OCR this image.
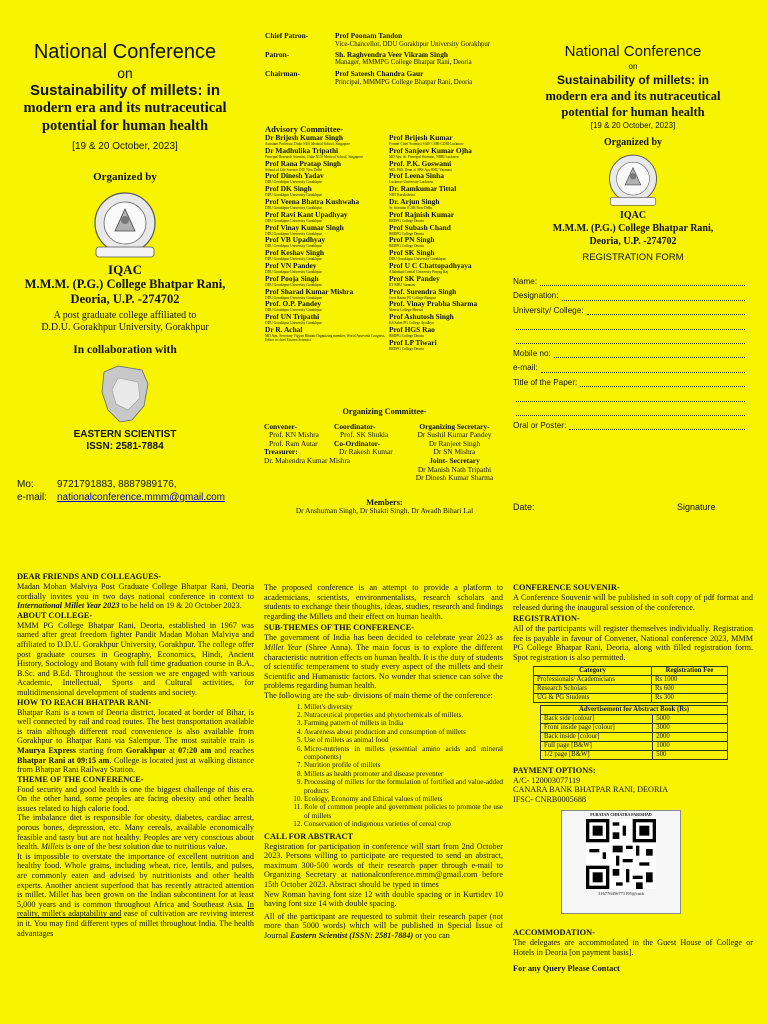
National Conference
on
Sustainability of millets: in
modern era and its nutraceutical
potential for human health
[19 & 20 October, 2023]
Organized by
IQAC
M.M.M. (P.G.) College Bhatpar Rani,
Deoria, U.P. -274702
A post graduate college affiliated to
D.D.U. Gorakhpur University, Gorakhpur
In collaboration with
EASTERN SCIENTIST
ISSN: 2581-7884
Mo: 9721791883, 8887989176,
e-mail: nationalconference.mmm@gmail.com
Chief Patron-	Prof Poonam Tandon
Vice-Chancellor, DDU Gorakhpur University Gorakhpur
Patron-	Sh. Raghvendra Veer Vikram Singh
Manager, MMMPG College Bhatpar Rani, Deoria
Chairman-	Prof Sateesh Chandra Gaur
Principal, MMMPG College Bhatpar Rani, Deoria
Advisory Committee-
Dr Brijesh Kumar Singh
Assistant Professor, Duke NUS Medical School, Singapore
Dr Madhulika Tripathi
Principal Research Scientist, Duke NUS Medical School, Singapore
Prof Rana Pratap Singh
School of Life Science JNU New Delhi
Prof Dinesh Yadav
DDU Gorakhpur University Gorakhpur
Prof DK Singh
DDU Gorakhpur University Gorakhpur
Prof Veena Bhatra Kushwaha
DDU Gorakhpur University Gorakhpur
Prof Ravi Kant Upadhyay
DDU Gorakhpur University Gorakhpur
Prof Vinay Kumar Singh
DDU Gorakhpur University Gorakhpur
Prof VB Upadhyay
DDU Gorakhpur University Gorakhpur
Prof Keshav Singh
DDU Gorakhpur University Gorakhpur
Prof VN Pandey
DDU Gorakhpur University Gorakhpur
Prof Pooja Singh
DDU Gorakhpur University Gorakhpur
Prof Sharad Kumar Mishra
DDU Gorakhpur University Gorakhpur
Prof. O.P. Pandey
DDU Gorakhpur University Gorakhpur
Prof UN Tripathi
DDU Gorakhpur University Gorakhpur
Dr R. Achal
MD Ayu, Secretary Vigyan Bharati Organizing member, World Ayurveda Congress, Editor in chief Eastern Scientist
Prof Brijesh Kumar
Former Chief Scientist SAIF CSIR-CDRI Lucknow
Prof Sanjeev Kumar Ojha
MD Ayu, Sr. Principal Scientist, NBRI Lucknow
Prof. P.K. Goswami
MD, PhD, Dean of SBS Ayu BHU Varanasi
Prof Leena Sinha
Lucknow University Lucknow
Dr. Ramkumar Tittal
NIIT Kurukshetra
Dr. Arjun Singh
Sr. Scientist ICAR New Delhi
Prof Rajnish Kumar
BRDPG College Deoria
Prof Subash Chand
BRDPG College Deoria
Prof PN Singh
BRDPG College Deoria
Prof SK Singh
DDU Gorakhpur University Gorakhpur
Prof U C Chattopadhyaya
Allahabad Central University Prayag Raj
Prof SK Pandey
IIT BHU Varanasi
Prof. Surendra Singh
Govt Razza PG College Rampur
Prof. Vinay Prabha Sharma
Meerut College Meerut
Prof Ashutosh Singh
KS Saket PG College Ayodhya
Prof HGS Rao
BRDPG College Deoria
Prof LP Tiwari
BRDPG College Deoria
Organizing Committee-
Convener-
Prof. KN Mishra
Prof. Ram Autar
Treasurer:
Dr. Mahendra Kumar Mishra
Coordinator-
Prof. SK Shukla
Co-Ordinator-
Dr Rakesh Kumar
Organizing Secretary-
Dr Sushil Kumar Pandey
Dr Ranjeet Singh
Dr SN Mishra
Joint- Secretary
Dr Manish Nath Tripathi
Dr Dinesh Kumar Sharma
Members:
Dr Anshuman Singh, Dr Shakti Singh, Dr Awadh Bihari Lal
National Conference
on
Sustainability of millets: in
modern era and its nutraceutical
potential for human health
[19 & 20 October, 2023]
Organized by
IQAC
M.M.M. (P.G.) College Bhatpar Rani,
Deoria, U.P. -274702
REGISTRATION FORM
Name:
Designation:
University/ College:
Mobile no:
e-mail:
Title of the Paper:
Oral or Poster:
Date:	Signature
DEAR FRIENDS AND COLLEAGUES-
Madan Mohan Malviya Post Graduate College Bhatpar Rani, Deoria cordially invites you in two days national conference in context to International Millet Year 2023 to be held on 19 & 20 October 2023.
ABOUT COLLEGE-
MMM PG College Bhatpar Rani, Deoria, established in 1967 was named after great freedom fighter Pandit Madan Mohan Malviya and affiliated to D.D.U. Gorakhpur University, Gorakhpur. The college offer post graduate courses in Geography, Economics, Hindi, Ancient History, Sociology and Botany with full time graduation course in B.A., B.Sc. and B.Ed. Throughout the session we are engaged with various Academic, Intellectual, Sports and Cultural activities, for multidimensional development of students and society.
HOW TO REACH BHATPAR RANI-
Bhatpar Rani is a town of Deoria district, located at border of Bihar, is well connected by rail and road routes. The best transportation available is train although different road convenience is also available from Gorakhpur to Bhatpar Rani via Salempur. The most suitable train is Maurya Express starting from Gorakhpur at 07:20 am and reaches Bhatpar Rani at 09:15 am. College is located just at walking distance from Bhatpar Rani Railway Station.
THEME OF THE CONFERENCE-
Food security and good health is one the biggest challenge of this era. On the other hand, some peoples are facing obesity and other health issues related to high calorie food.
The imbalance diet is responsible for obesity, diabetes, cardiac arrest, porous bones, depression, etc. Many cereals, available economically feasible and tasty but are not healthy. Peoples are very conscious about health. Millets is one of the best solution due to nutritious value.
It is impossible to overstate the importance of excellent nutrition and healthy food. Whole grains, including wheat, rice, lentils, and pulses, are commonly eaten and advised by nutritionists and other health experts. Another ancient superfood that has recently attracted attention is millet. Millet has been grown on the Indian subcontinent for at least 5,000 years and is common throughout Africa and Southeast Asia. In reality, millet's adaptability and ease of cultivation are reviving interest in it. You may find different types of millet throughout India. The health advantages
The proposed conference is an attempt to provide a platform to academicians, scientists, environmentalists, research scholars and students to exchange their thoughts, ideas, studies, research and findings regarding the Millets and their effect on human health.
SUB-THEMES OF THE CONFERENCE-
The government of India has been decided to celebrate year 2023 as Millet Year (Shree Anna). The main focus is to explore the different characteristic nutrition effects on human health. It is the duty of students of scientific temperament to study every aspect of the millets and their Scientific and Humanistic factors. No wonder that science can solve the problems regarding human health.
The following are the sub- divisions of main theme of the conference:
1. Millet's diversity
2. Nutraceutical properties and phytochemicals of millets.
3. Farming pattern of millets in India
4. Awareness about production and consumption of millets
5. Use of millets as animal food
6. Micro-nutrients in millets (essential amino acids and mineral components)
7. Nutrition profile of millets
8. Millets as health promoter and disease preventer
9. Processing of millets for the formulation of fortified and value-added products
10. Ecology, Economy and Ethical values of millets
11. Role of common people and government policies to promote the use of millets
12. Conservation of indigenous varieties of cereal crop
CALL FOR ABSTRACT
Registration for participation in conference will start from 2nd October 2023. Persons willing to participate are requested to send an abstract, maximum 300-500 words of their research paper through e-mail to Organizing Secretary at nationalconference.mmm@gmail.com before 15th October 2023. Abstract should be typed in times
New Roman having font size 12 with double spacing or in Kurtidev 10 having font size 14 with double spacing.
All of the participant are requested to submit their research paper (not more than 5000 words) which will be published in Special Issue of Journal Eastern Scientist (ISSN: 2581-7884) or you can
CONFERENCE SOUVENIR-
A Conference Souvenir will be published in soft copy of pdf format and released during the inaugural session of the conference.
REGISTRATION-
All of the participants will register themselves individually. Registration fee is payable in favour of Convener, National conference 2023, MMM PG College Bhatpar Rani, Deoria, along with filled registration form. Spot registration is also permitted.
Category	Registration Fee
Professionals/ Academicians	Rs 1000
Research Scholars	Rs 600
UG & PG Students	Rs 300
Advertisement for Abstract Book (Rs)	
Back side [colour]	5000
Front inside page [colour]	3000
Back inside [colour]	2000
Full page [B&W]	1000
1/2 page [B&W]	500
PAYMENT OPTIONS:
A/C- 120003077119
CANARA BANK BHATPAR RANI, DEORIA
IFSC- CNRB0005688
PURATAN CHHATRA PARISHAD
316776456771195@cnrb
ACCOMMODATION-
The delegates are accommodated in the Guest House of College or Hotels in Deoria [on payment basis].
For any Query Please Contact
